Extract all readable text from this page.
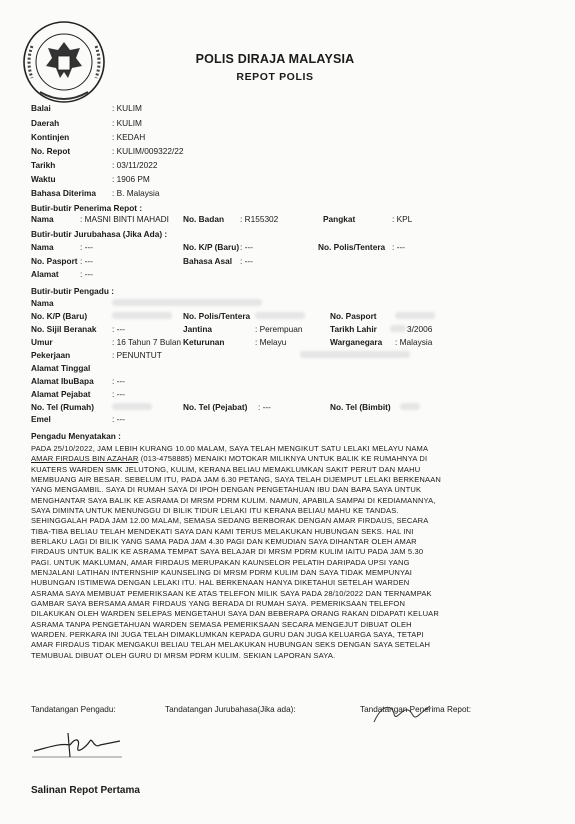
POLIS DIRAJA MALAYSIA
REPOT POLIS
Balai	: KULIM
Daerah	: KULIM
Kontinjen	: KEDAH
No. Repot	: KULIM/009322/22
Tarikh	: 03/11/2022
Waktu	: 1906 PM
Bahasa Diterima : B. Malaysia
Butir-butir Penerima Repot :
Nama	: MASNI BINTI MAHADI No. Badan : R155302	Pangkat	: KPL
Butir-butir Jurubahasa (Jika Ada) :
Nama	: ---	No. K/P (Baru) : ---	No. Polis/Tentera : ---
No. Pasport : ---	Bahasa Asal : ---
Alamat	: ---
Butir-butir Pengadu :
Nama
No. K/P (Baru)	No. Polis/Tentera	No. Pasport
No. Sijil Beranak : ---	Jantina	: Perempuan	Tarikh Lahir	3/2006
Umur	: 16 Tahun 7 Bulan Keturunan	: Melayu	Warganegara : Malaysia
Pekerjaan	: PENUNTUT
Alamat Tinggal
Alamat IbuBapa : ---
Alamat Pejabat	: ---
No. Tel (Rumah)	No. Tel (Pejabat) : ---	No. Tel (Bimbit)
Emel	: ---
Pengadu Menyatakan :
PADA 25/10/2022, JAM LEBIH KURANG 10.00 MALAM, SAYA TELAH MENGIKUT SATU LELAKI MELAYU NAMA
AMAR FIRDAUS BIN AZAHAR (013-4758885) MENAIKI MOTOKAR MILIKNYA UNTUK BALIK KE RUMAHNYA DI
KUATERS WARDEN SMK JELUTONG, KULIM, KERANA BELIAU MEMAKLUMKAN SAKIT PERUT DAN MAHU
MEMBUANG AIR BESAR. SEBELUM ITU, PADA JAM 6.30 PETANG, SAYA TELAH DIJEMPUT LELAKI BERKENAAN
YANG MENGAMBIL. SAYA DI RUMAH SAYA DI IPOH DENGAN PENGETAHUAN IBU DAN BAPA SAYA UNTUK
MENGHANTAR SAYA BALIK KE ASRAMA DI MRSM PDRM KULIM. NAMUN, APABILA SAMPAI DI KEDIAMANNYA,
SAYA DIMINTA UNTUK MENUNGGU DI BILIK TIDUR LELAKI ITU KERANA BELIAU MAHU KE TANDAS.
SEHINGGALAH PADA JAM 12.00 MALAM, SEMASA SEDANG BERBORAK DENGAN AMAR FIRDAUS, SECARA
TIBA-TIBA BELIAU TELAH MENDEKATI SAYA DAN KAMI TERUS MELAKUKAN HUBUNGAN SEKS. HAL INI
BERLAKU LAGI DI BILIK YANG SAMA PADA JAM 4.30 PAGI DAN KEMUDIAN SAYA DIHANTAR OLEH AMAR
FIRDAUS UNTUK BALIK KE ASRAMA TEMPAT SAYA BELAJAR DI MRSM PDRM KULIM IAITU PADA JAM 5.30
PAGI. UNTUK MAKLUMAN, AMAR FIRDAUS MERUPAKAN KAUNSELOR PELATIH DARIPADA UPSI YANG
MENJALANI LATIHAN INTERNSHIP KAUNSELING DI MRSM PDRM KULIM DAN SAYA TIDAK MEMPUNYAI
HUBUNGAN ISTIMEWA DENGAN LELAKI ITU. HAL BERKENAAN HANYA DIKETAHUI SETELAH WARDEN
ASRAMA SAYA MEMBUAT PEMERIKSAAN KE ATAS TELEFON MILIK SAYA PADA 28/10/2022 DAN TERNAMPAK
GAMBAR SAYA BERSAMA AMAR FIRDAUS YANG BERADA DI RUMAH SAYA. PEMERIKSAAN TELEFON
DILAKUKAN OLEH WARDEN SELEPAS MENGETAHUI SAYA DAN BEBERAPA ORANG RAKAN DIDAPATI KELUAR
ASRAMA TANPA PENGETAHUAN WARDEN SEMASA PEMERIKSAAN SECARA MENGEJUT DIBUAT OLEH
WARDEN. PERKARA INI JUGA TELAH DIMAKLUMKAN KEPADA GURU DAN JUGA KELUARGA SAYA, TETAPI
AMAR FIRDAUS TIDAK MENGAKUI BELIAU TELAH MELAKUKAN HUBUNGAN SEKS DENGAN SAYA SETELAH
TEMUBUAL DIBUAT OLEH GURU DI MRSM PDRM KULIM. SEKIAN LAPORAN SAYA.
Tandatangan Pengadu:	Tandatangan Jurubahasa(Jika ada):	Tandatangan Penerima Repot:
Salinan Repot Pertama
